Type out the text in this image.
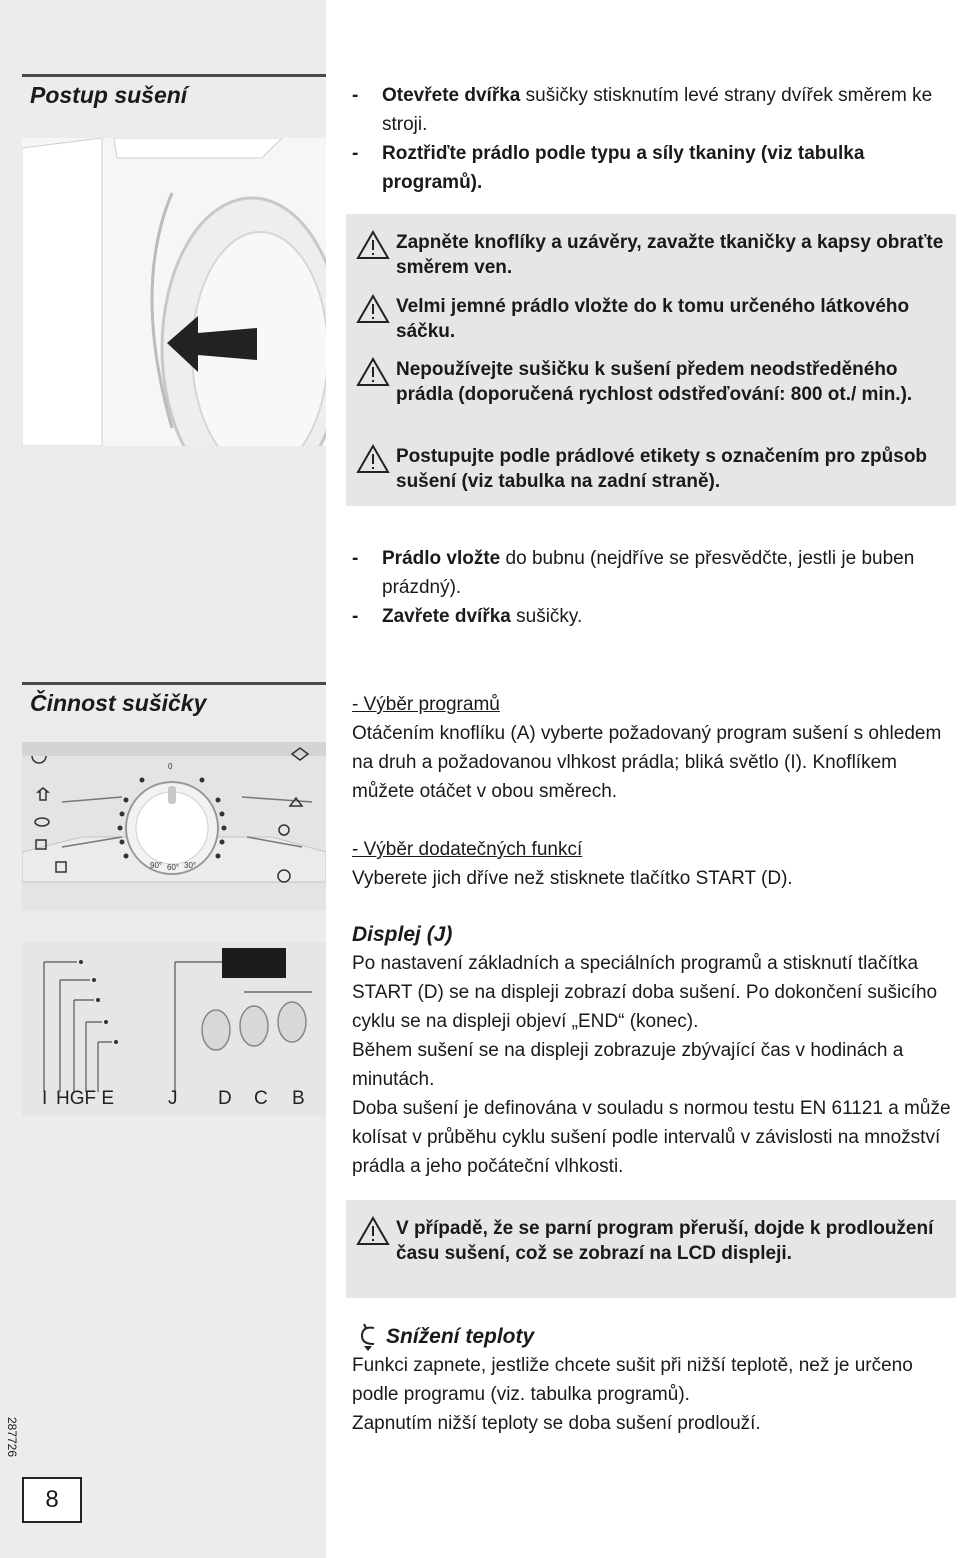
Postup sušení	- Otevřete dvířka sušičky stisknutím levé strany dvířek směrem ke stroji.

- Roztřiďte prádlo podle typu a síly tkaniny (viz tabulka programů).

Zapněte knoflíky a uzávěry, zavažte tkaničky a kapsy obraťte směrem ven.
Velmi jemné prádlo vložte do k tomu určeného látkového sáčku.
Nepoužívejte sušičku k sušení předem neodstředěného prádla (doporučená rychlost odstřeďování: 800 ot./ min.).
Postupujte podle prádlové etikety s označením pro způsob sušení (viz tabulka na zadní straně).

- Prádlo vložte do bubnu (nejdříve se přesvědčte, jestli je buben prázdný).

- Zavřete dvířka sušičky.

Činnost sušičky
90° 60° 30°
0
I HGF E	J D C B
- Výběr programů
Otáčením knoflíku (A) vyberte požadovaný program sušení s ohledem na druh a požadovanou vlhkost prádla; bliká světlo (I). Knoflíkem můžete otáčet v obou směrech.
- Výběr dodatečných funkcí
Vyberete jich dříve než stisknete tlačítko START (D).
Displej (J)
Po nastavení základních a speciálních programů a stisknutí tlačítka START (D) se na displeji zobrazí doba sušení. Po dokončení sušicího cyklu se na displeji objeví „END“ (konec).
Během sušení se na displeji zobrazuje zbývající čas v hodinách a minutách.
Doba sušení je definována v souladu s normou testu EN 61121 a může kolísat v průběhu cyklu sušení podle intervalů v závislosti na množství prádla a jeho počáteční vlhkosti.
V případě, že se parní program přeruší, dojde k prodloužení času sušení, což se zobrazí na LCD displeji.
Snížení teploty
Funkci zapnete, jestliže chcete sušit při nižší teplotě, než je určeno podle programu (viz. tabulka programů).
Zapnutím nižší teploty se doba sušení prodlouží.
287726
8
